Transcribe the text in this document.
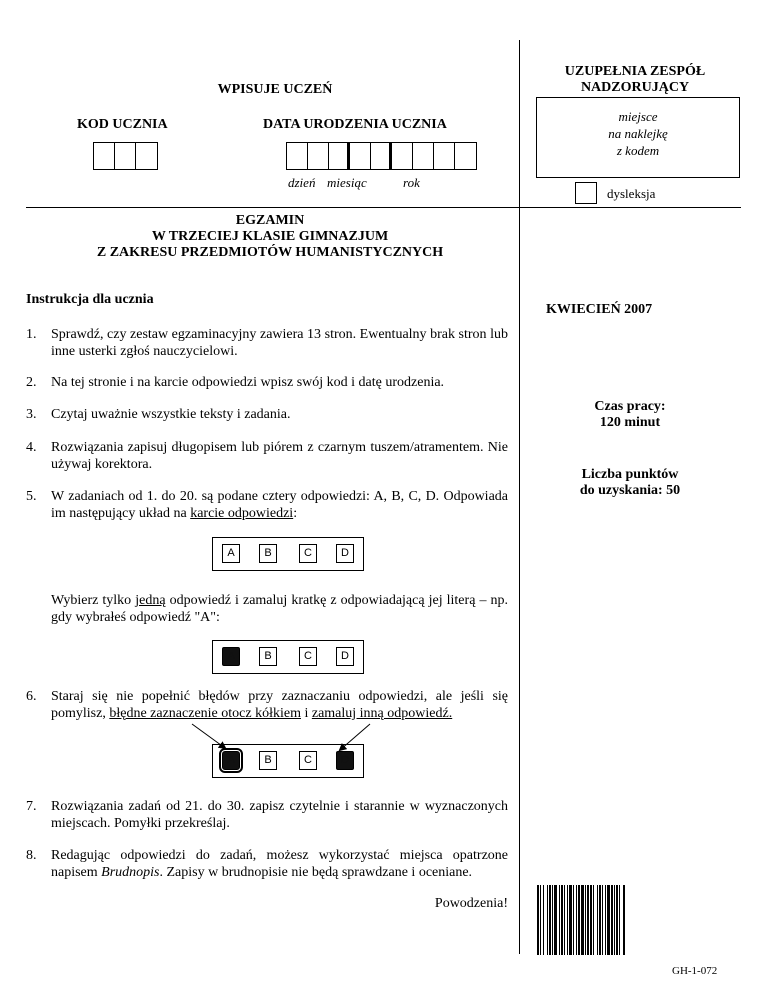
WPISUJE UCZEŃ
KOD UCZNIA	DATA URODZENIA UCZNIA
dzień miesiąc	rok
UZUPEŁNIA ZESPÓŁ
NADZORUJĄCY
miejsce
na naklejkę
z kodem
dysleksja
EGZAMIN
W TRZECIEJ KLASIE GIMNAZJUM
Z ZAKRESU PRZEDMIOTÓW HUMANISTYCZNYCH
KWIECIEŃ 2007
Czas pracy:
120 minut
Liczba punktów
do uzyskania: 50
GH-1-072
Instrukcja dla ucznia
1. Sprawdź, czy zestaw egzaminacyjny zawiera 13 stron. Ewentualny brak stron lub inne usterki zgłoś nauczycielowi.
2. Na tej stronie i na karcie odpowiedzi wpisz swój kod i datę urodzenia.
3. Czytaj uważnie wszystkie teksty i zadania.
4. Rozwiązania zapisuj długopisem lub piórem z czarnym tuszem/atramentem. Nie używaj korektora.
5. W zadaniach od 1. do 20. są podane cztery odpowiedzi: A, B, C, D. Odpowiada im następujący układ na karcie odpowiedzi:
A	B	C	D
Wybierz tylko jedną odpowiedź i zamaluj kratkę z odpowiadającą jej literą – np. gdy wybrałeś odpowiedź "A":
A	B	C	D
6. Staraj się nie popełnić błędów przy zaznaczaniu odpowiedzi, ale jeśli się pomylisz, błędne zaznaczenie otocz kółkiem i zamaluj inną odpowiedź.
A	B	C	D
7. Rozwiązania zadań od 21. do 30. zapisz czytelnie i starannie w wyznaczonych miejscach. Pomyłki przekreślaj.
8. Redagując odpowiedzi do zadań, możesz wykorzystać miejsca opatrzone napisem Brudnopis. Zapisy w brudnopisie nie będą sprawdzane i oceniane.
Powodzenia!
